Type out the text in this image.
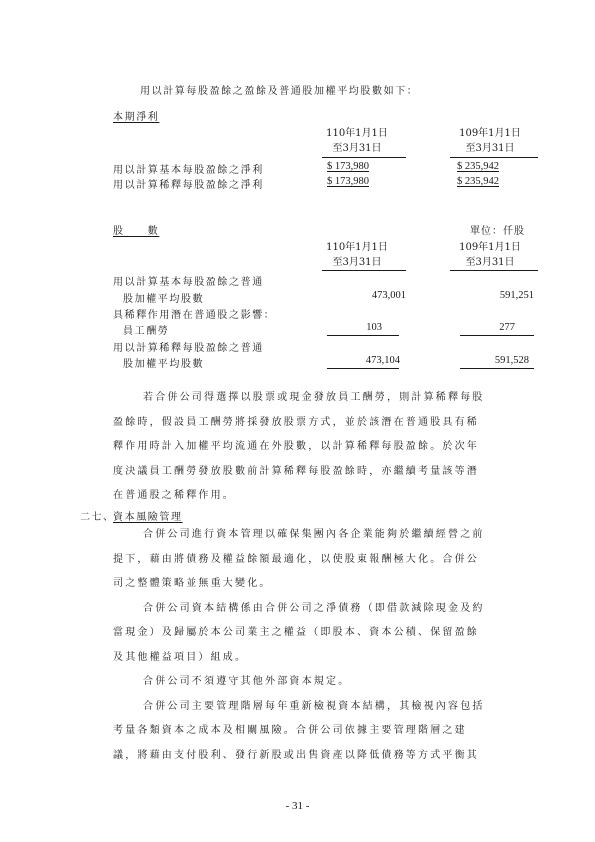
用以計算每股盈餘之盈餘及普通股加權平均股數如下：
本期淨利
110年1月1日
至3月31日
109年1月1日
至3月31日
用以計算基本每股盈餘之淨利	$ 173,980	$ 235,942
用以計算稀釋每股盈餘之淨利	$ 173,980	$ 235,942
股　　數	單位：仟股
110年1月1日
至3月31日
109年1月1日
至3月31日
用以計算基本每股盈餘之普通
股加權平均股數	473,001	591,251
具稀釋作用潛在普通股之影響：
員工酬勞	103	277
用以計算稀釋每股盈餘之普通
股加權平均股數	473,104	591,528
若合併公司得選擇以股票或現金發放員工酬勞，則計算稀釋每股
盈餘時，假設員工酬勞將採發放股票方式，並於該潛在普通股具有稀
釋作用時計入加權平均流通在外股數，以計算稀釋每股盈餘。於次年
度決議員工酬勞發放股數前計算稀釋每股盈餘時，亦繼續考量該等潛
在普通股之稀釋作用。
二七、
資本風險管理
合併公司進行資本管理以確保集團內各企業能夠於繼續經營之前
提下，藉由將債務及權益餘額最適化，以使股東報酬極大化。合併公
司之整體策略並無重大變化。
合併公司資本結構係由合併公司之淨債務（即借款減除現金及約
當現金）及歸屬於本公司業主之權益（即股本、資本公積、保留盈餘
及其他權益項目）組成。
合併公司不須遵守其他外部資本規定。
合併公司主要管理階層每年重新檢視資本結構，其檢視內容包括
考量各類資本之成本及相關風險。合併公司依據主要管理階層之建
議，將藉由支付股利、發行新股或出售資產以降低債務等方式平衡其
- 31 -
